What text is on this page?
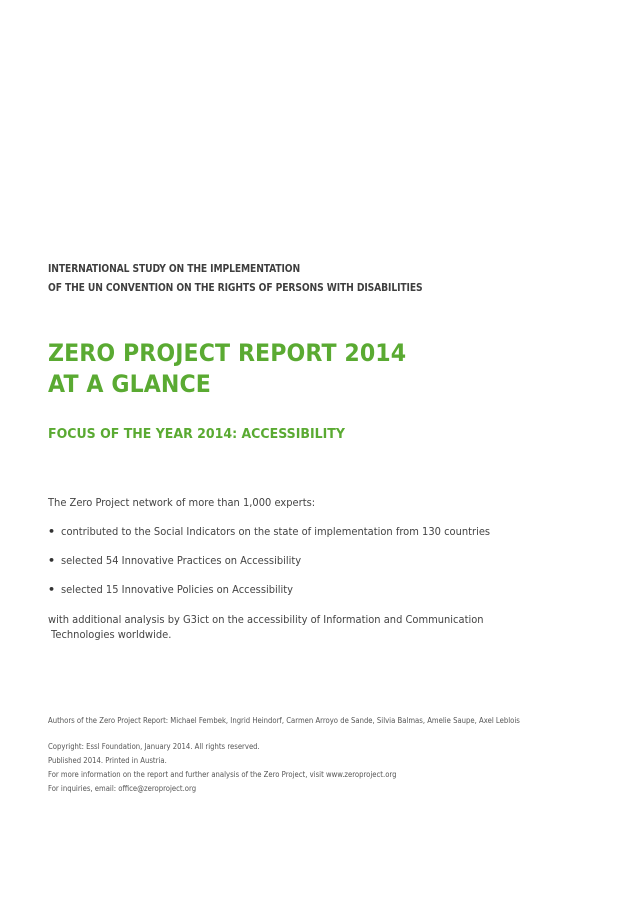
INTERNATIONAL STUDY ON THE IMPLEMENTATION
OF THE UN CONVENTION ON THE RIGHTS OF PERSONS WITH DISABILITIES
ZERO PROJECT REPORT 2014
AT A GLANCE
FOCUS OF THE YEAR 2014: ACCESSIBILITY
The Zero Project network of more than 1,000 experts:
• contributed to the Social Indicators on the state of implementation from 130 countries
• selected 54 Innovative Practices on Accessibility
• selected 15 Innovative Policies on Accessibility
with additional analysis by G3ict on the accessibility of Information and Communication
Technologies worldwide.
Authors of the Zero Project Report: Michael Fembek, Ingrid Heindorf, Carmen Arroyo de Sande, Silvia Balmas, Amelie Saupe, Axel Leblois
Copyright: Essl Foundation, January 2014. All rights reserved.
Published 2014. Printed in Austria.
For more information on the report and further analysis of the Zero Project, visit www.zeroproject.org
For inquiries, email: office@zeroproject.org
